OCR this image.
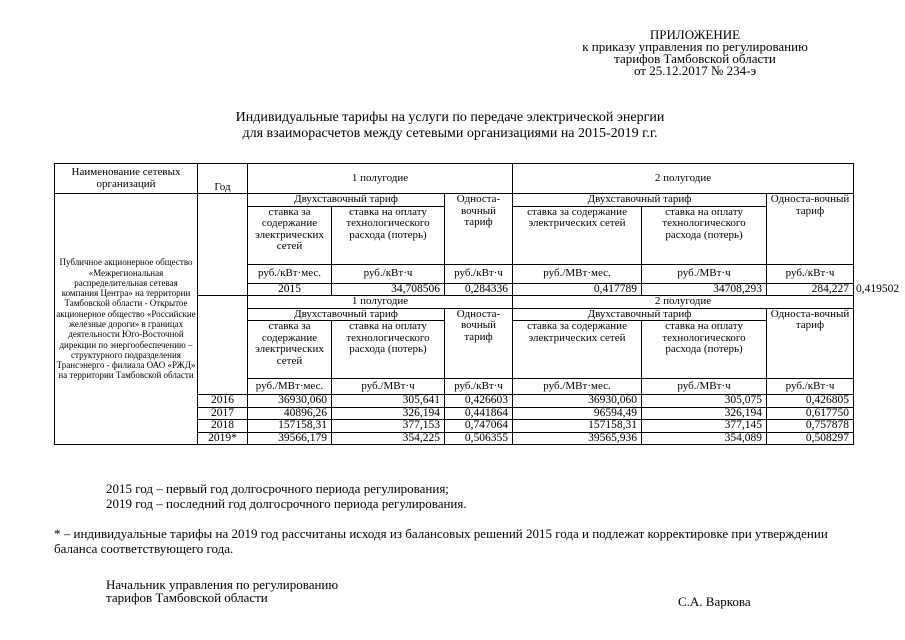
ПРИЛОЖЕНИЕ
к приказу управления по регулированию
тарифов Тамбовской области
от 25.12.2017 № 234-э
Индивидуальные тарифы на услуги по передаче электрической энергии
для взаиморасчетов между сетевыми организациями на 2015-2019 г.г.
Наименование сетевых организаций	Год	1 полугодие			2 полугодие			
Публичное акционерное общество «Межрегиональная распределительная сетевая компания Центра» на территории Тамбовской области - Открытое акционерное общество «Российские железные дороги» в границах деятельности Юго-Восточной дирекции по энергообеспечению – структурного подразделения Трансэнерго - филиала ОАО «РЖД» на территории Тамбовской области		Двухставочный тариф		Односта-вочный тариф	Двухставочный тариф		Односта-вочный тариф	
		ставка за содержание электрических сетей	ставка на оплату технологического расхода (потерь)		ставка за содержание электрических сетей	ставка на оплату технологического расхода (потерь)		
		руб./кВт·мес.	руб./кВт·ч	руб./кВт·ч	руб./МВт·мес.	руб./МВт·ч	руб./кВт·ч	
		2015	34,708506	0,284336	0,417789	34708,293	284,227	0,419502
		1 полугодие			2 полугодие			
		Двухставочный тариф		Односта-вочный тариф	Двухставочный тариф		Односта-вочный тариф	
		ставка за содержание электрических сетей	ставка на оплату технологического расхода (потерь)		ставка за содержание электрических сетей	ставка на оплату технологического расхода (потерь)		
		руб./МВт·мес.	руб./МВт·ч	руб./кВт·ч	руб./МВт·мес.	руб./МВт·ч	руб./кВт·ч	
	2016	36930,060	305,641	0,426603	36930,060	305,075	0,426805	
	2017	40896,26	326,194	0,441864	96594,49	326,194	0,617750	
	2018	157158,31	377,153	0,747064	157158,31	377,145	0,757878	
	2019*	39566,179	354,225	0,506355	39565,936	354,089	0,508297	
2015 год – первый год долгосрочного периода регулирования;
2019 год – последний год долгосрочного периода регулирования.
* – индивидуальные тарифы на 2019 год рассчитаны исходя из балансовых решений 2015 года и подлежат корректировке при утверждении баланса соответствующего года.
Начальник управления по регулированию
тарифов Тамбовской области	С.А. Варкова
